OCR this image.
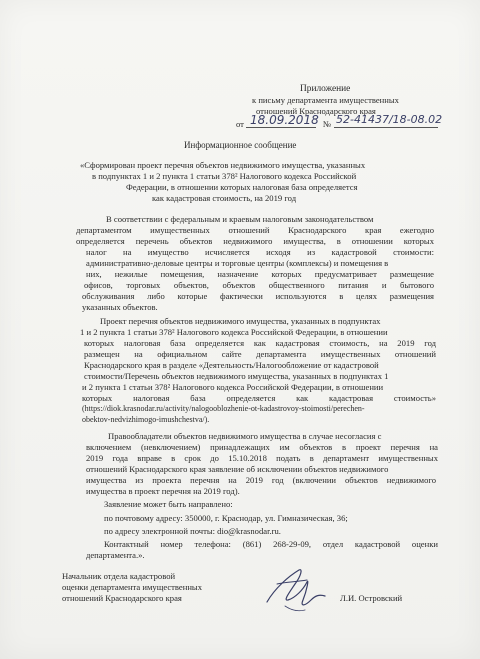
Приложение
к письму департамента имущественных
отношений Краснодарского края
от 18.09.2018 № 52-41437/18-08.02
Информационное сообщение
«Сформирован проект перечня объектов недвижимого имущества, указанных
в подпунктах 1 и 2 пункта 1 статьи 378² Налогового кодекса Российской
Федерации, в отношении которых налоговая база определяется
как кадастровая стоимость, на 2019 год
В соответствии с федеральным и краевым налоговым законодательством
департаментом имущественных отношений Краснодарского края ежегодно
определяется перечень объектов недвижимого имущества, в отношении которых
налог на имущество исчисляется исходя из кадастровой стоимости:
административно-деловые центры и торговые центры (комплексы) и помещения в
них, нежилые помещения, назначение которых предусматривает размещение
офисов, торговых объектов, объектов общественного питания и бытового
обслуживания либо которые фактически используются в целях размещения
указанных объектов.
Проект перечня объектов недвижимого имущества, указанных в подпунктах
1 и 2 пункта 1 статьи 378² Налогового кодекса Российской Федерации, в отношении
которых налоговая база определяется как кадастровая стоимость, на 2019 год
размещен на официальном сайте департамента имущественных отношений
Краснодарского края в разделе «Деятельность/Налогообложение от кадастровой
стоимости/Перечень объектов недвижимого имущества, указанных в подпунктах 1
и 2 пункта 1 статьи 378² Налогового кодекса Российской Федерации, в отношении
которых налоговая база определяется как кадастровая стоимость»
(https://diok.krasnodar.ru/activity/nalogooblozhenie-ot-kadastrovoy-stoimosti/perechen-
obektov-nedvizhimogo-imushchestva/).
Правообладатели объектов недвижимого имущества в случае несогласия с
включением (невключением) принадлежащих им объектов в проект перечня на
2019 года вправе в срок до 15.10.2018 подать в департамент имущественных
отношений Краснодарского края заявление об исключении объектов недвижимого
имущества из проекта перечня на 2019 год (включении объектов недвижимого
имущества в проект перечня на 2019 год).
Заявление может быть направлено:
по почтовому адресу: 350000, г. Краснодар, ул. Гимназическая, 36;
по адресу электронной почты: dio@krasnodar.ru.
Контактный номер телефона: (861) 268-29-09, отдел кадастровой оценки
департамента.».
Начальник отдела кадастровой
оценки департамента имущественных
отношений Краснодарского края	Л.И. Островский
